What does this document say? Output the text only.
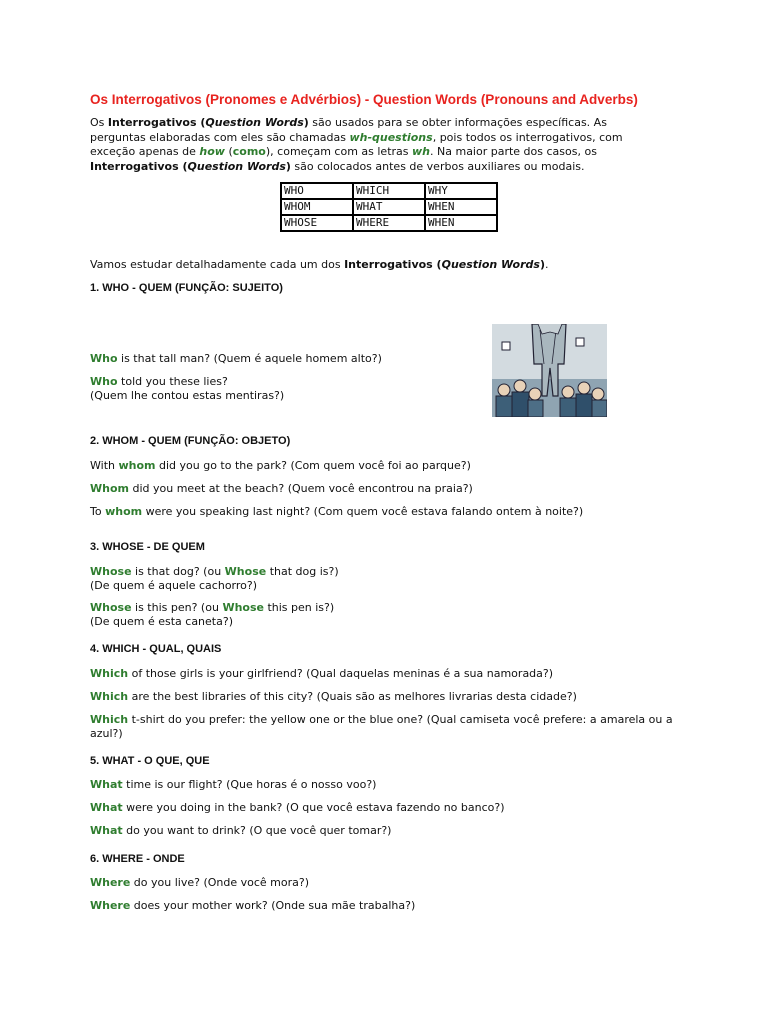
Os Interrogativos (Pronomes e Advérbios) - Question Words (Pronouns and Adverbs)

Os Interrogativos (Question Words) são usados para se obter informações específicas. As perguntas elaboradas com eles são chamadas wh-questions, pois todos os interrogativos, com exceção apenas de how (como), começam com as letras wh. Na maior parte dos casos, os Interrogativos (Question Words) são colocados antes de verbos auxiliares ou modais.

WHO	WHICH	WHY
WHOM	WHAT	WHEN
WHOSE	WHERE	WHEN

Vamos estudar detalhadamente cada um dos Interrogativos (Question Words).

1. WHO - QUEM (FUNÇÃO: SUJEITO)

Who is that tall man? (Quem é aquele homem alto?)

Who told you these lies?
(Quem lhe contou estas mentiras?)

2. WHOM - QUEM (FUNÇÃO: OBJETO)

With whom did you go to the park? (Com quem você foi ao parque?)

Whom did you meet at the beach? (Quem você encontrou na praia?)

To whom were you speaking last night? (Com quem você estava falando ontem à noite?)

3. WHOSE - DE QUEM

Whose is that dog? (ou Whose that dog is?)
(De quem é aquele cachorro?)

Whose is this pen? (ou Whose this pen is?)
(De quem é esta caneta?)

4. WHICH - QUAL, QUAIS

Which of those girls is your girlfriend? (Qual daquelas meninas é a sua namorada?)

Which are the best libraries of this city? (Quais são as melhores livrarias desta cidade?)

Which t-shirt do you prefer: the yellow one or the blue one? (Qual camiseta você prefere: a amarela ou a
azul?)

5. WHAT - O QUE, QUE

What time is our flight? (Que horas é o nosso voo?)

What were you doing in the bank? (O que você estava fazendo no banco?)

What do you want to drink? (O que você quer tomar?)

6. WHERE - ONDE

Where do you live? (Onde você mora?)

Where does your mother work? (Onde sua mãe trabalha?)
